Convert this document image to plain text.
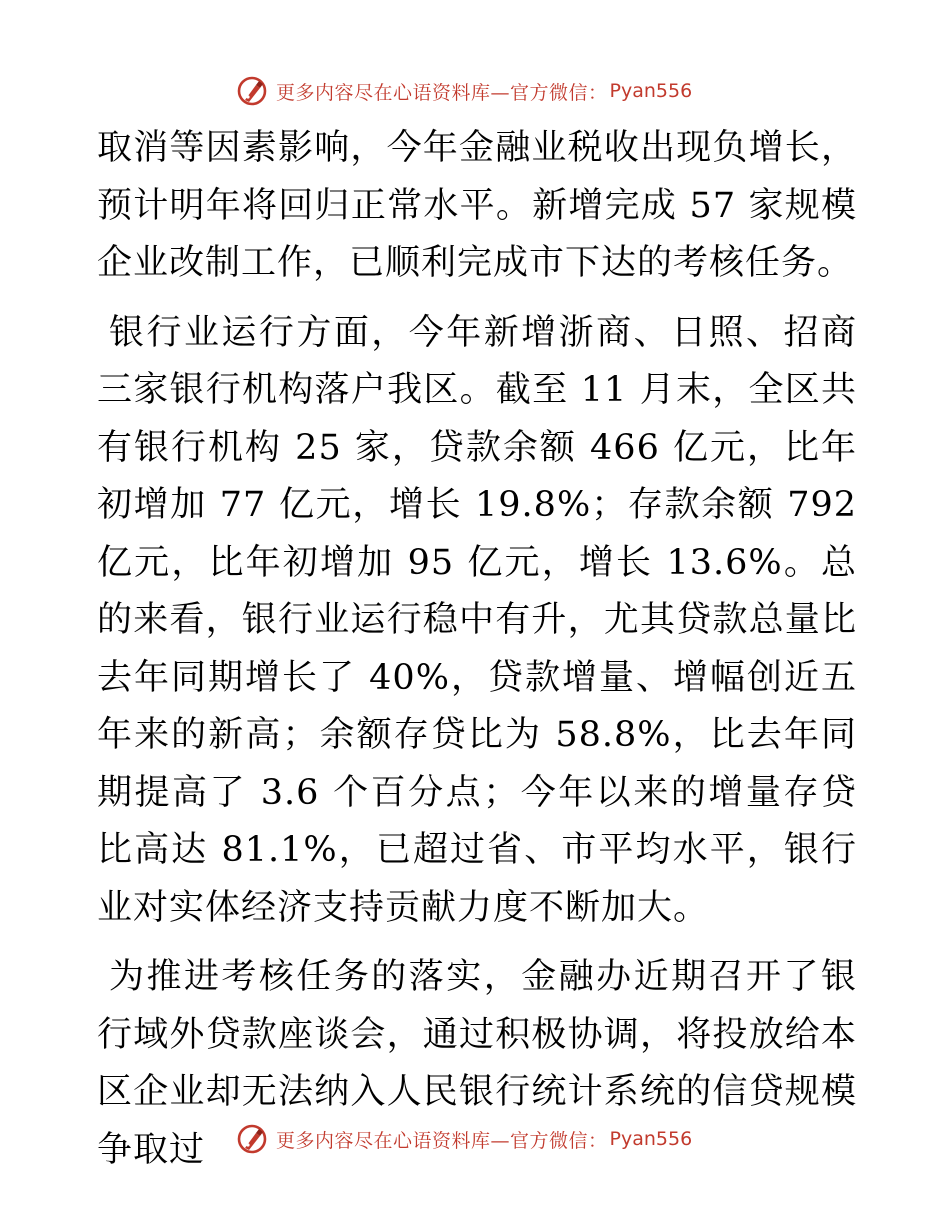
更多内容尽在心语资料库—官方微信： Pyan556

取消等因素影响，今年金融业税收出现负增长，预计明年将回归正常水平。新增完成 57 家规模企业改制工作，已顺利完成市下达的考核任务。

银行业运行方面，今年新增浙商、日照、招商三家银行机构落户我区。截至 11 月末，全区共有银行机构 25 家，贷款余额 466 亿元，比年初增加 77 亿元，增长 19.8%；存款余额 792 亿元，比年初增加 95 亿元，增长 13.6%。总的来看，银行业运行稳中有升，尤其贷款总量比去年同期增长了 40%，贷款增量、增幅创近五年来的新高；余额存贷比为 58.8%，比去年同期提高了 3.6 个百分点；今年以来的增量存贷比高达 81.1%，已超过省、市平均水平，银行业对实体经济支持贡献力度不断加大。

为推进考核任务的落实，金融办近期召开了银行域外贷款座谈会，通过积极协调，将投放给本区企业却无法纳入人民银行统计系统的信贷规模争取过	更多内容尽在心语资料库—官方微信： Pyan556
